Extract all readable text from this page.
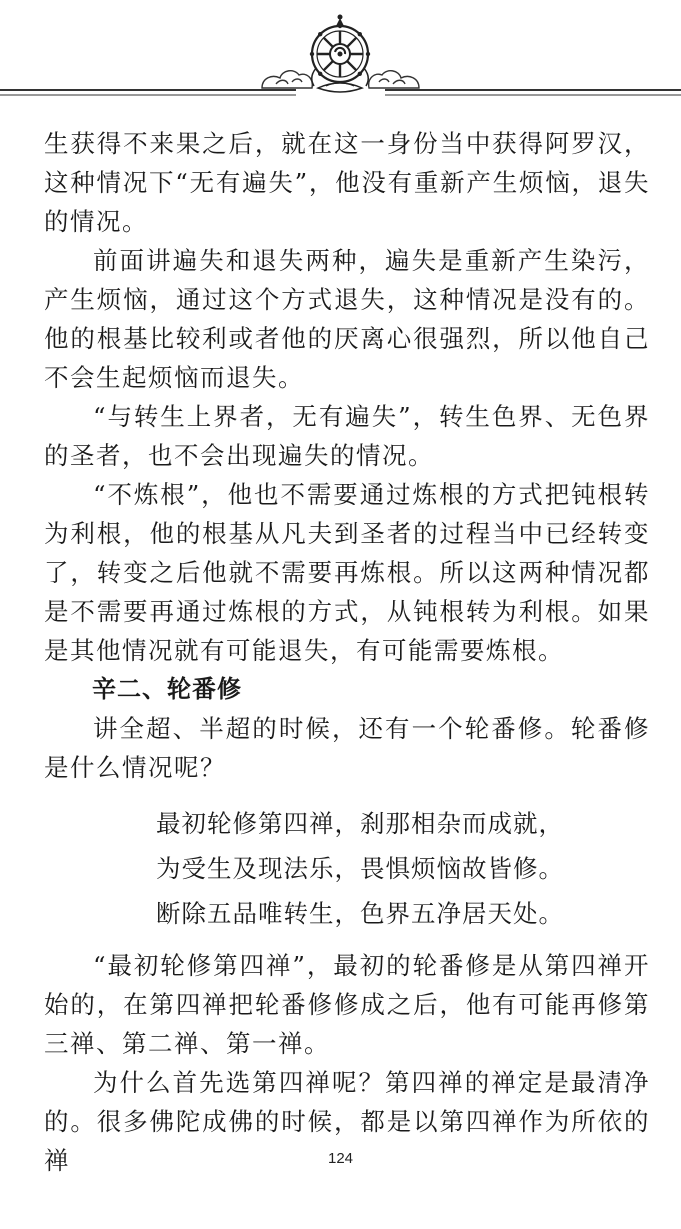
生获得不来果之后，就在这一身份当中获得阿罗汉，这种情况下“无有遍失”，他没有重新产生烦恼，退失的情况。

前面讲遍失和退失两种，遍失是重新产生染污，产生烦恼，通过这个方式退失，这种情况是没有的。他的根基比较利或者他的厌离心很强烈，所以他自己不会生起烦恼而退失。

“与转生上界者，无有遍失”，转生色界、无色界的圣者，也不会出现遍失的情况。

“不炼根”，他也不需要通过炼根的方式把钝根转为利根，他的根基从凡夫到圣者的过程当中已经转变了，转变之后他就不需要再炼根。所以这两种情况都是不需要再通过炼根的方式，从钝根转为利根。如果是其他情况就有可能退失，有可能需要炼根。

辛二、轮番修

讲全超、半超的时候，还有一个轮番修。轮番修是什么情况呢？

最初轮修第四禅，刹那相杂而成就，

为受生及现法乐，畏惧烦恼故皆修。

断除五品唯转生，色界五净居天处。

“最初轮修第四禅”，最初的轮番修是从第四禅开始的，在第四禅把轮番修修成之后，他有可能再修第三禅、第二禅、第一禅。

为什么首先选第四禅呢？第四禅的禅定是最清净的。很多佛陀成佛的时候，都是以第四禅作为所依的禅	124
